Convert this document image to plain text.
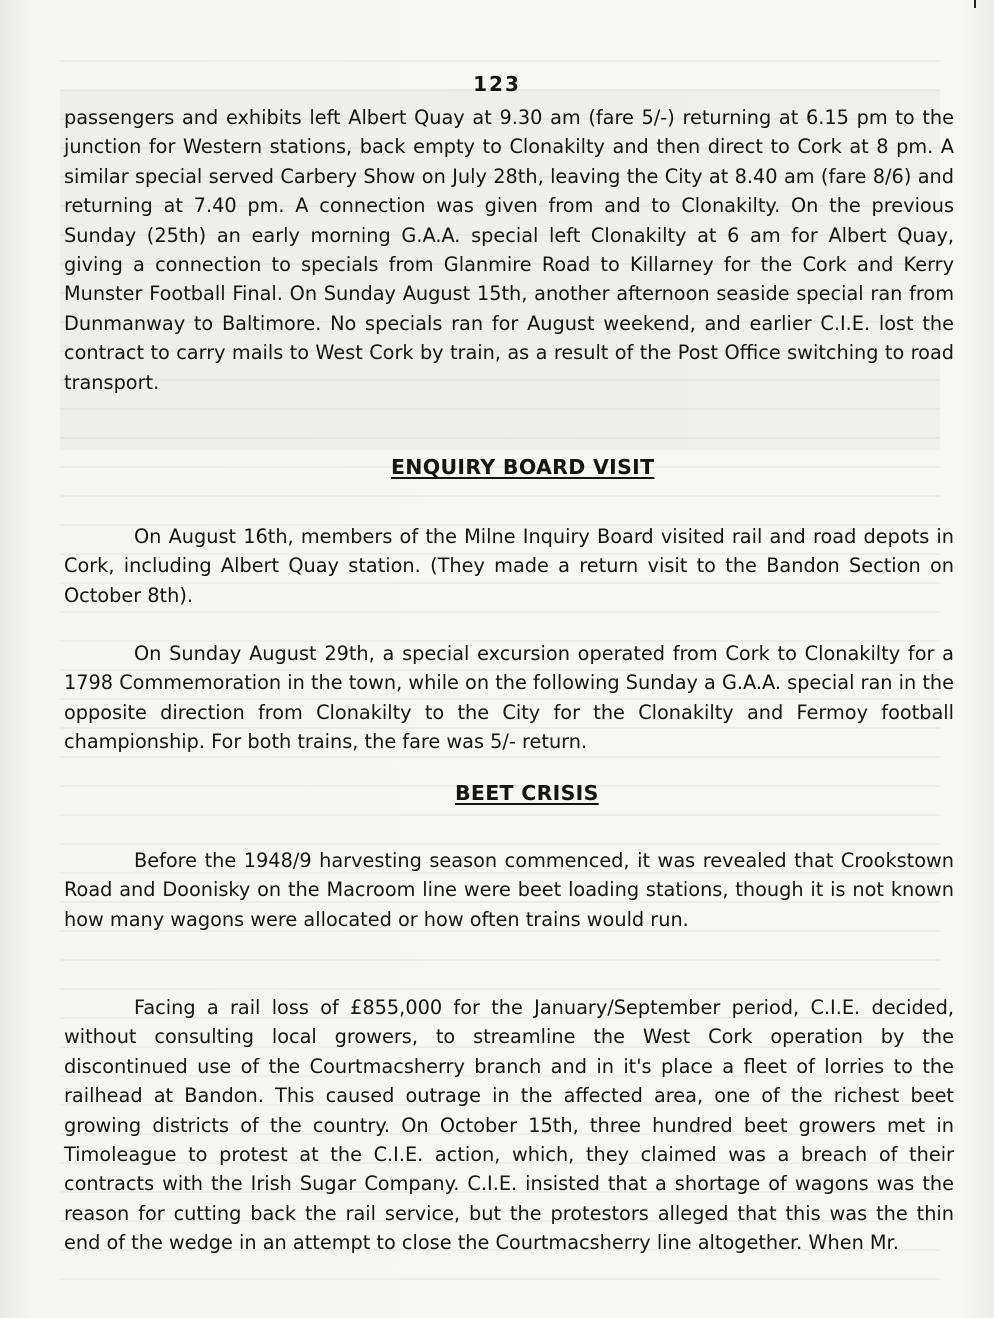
123

passengers and exhibits left Albert Quay at 9.30 am (fare 5/-) returning at 6.15 pm to the junction for Western stations, back empty to Clonakilty and then direct to Cork at 8 pm. A similar special served Carbery Show on July 28th, leaving the City at 8.40 am (fare 8/6) and returning at 7.40 pm. A connection was given from and to Clonakilty. On the previous Sunday (25th) an early morning G.A.A. special left Clonakilty at 6 am for Albert Quay, giving a connection to specials from Glanmire Road to Killarney for the Cork and Kerry Munster Football Final. On Sunday August 15th, another afternoon seaside special ran from Dunmanway to Baltimore. No specials ran for August weekend, and earlier C.I.E. lost the contract to carry mails to West Cork by train, as a result of the Post Office switching to road transport.

ENQUIRY BOARD VISIT

On August 16th, members of the Milne Inquiry Board visited rail and road depots in Cork, including Albert Quay station. (They made a return visit to the Bandon Section on October 8th).

On Sunday August 29th, a special excursion operated from Cork to Clonakilty for a 1798 Commemoration in the town, while on the following Sunday a G.A.A. special ran in the opposite direction from Clonakilty to the City for the Clonakilty and Fermoy football championship. For both trains, the fare was 5/- return.

BEET CRISIS

Before the 1948/9 harvesting season commenced, it was revealed that Crookstown Road and Doonisky on the Macroom line were beet loading stations, though it is not known how many wagons were allocated or how often trains would run.

Facing a rail loss of £855,000 for the January/September period, C.I.E. decided, without consulting local growers, to streamline the West Cork operation by the discontinued use of the Courtmacsherry branch and in it's place a fleet of lorries to the railhead at Bandon. This caused outrage in the affected area, one of the richest beet growing districts of the country. On October 15th, three hundred beet growers met in Timoleague to protest at the C.I.E. action, which, they claimed was a breach of their contracts with the Irish Sugar Company. C.I.E. insisted that a shortage of wagons was the reason for cutting back the rail service, but the protestors alleged that this was the thin end of the wedge in an attempt to close the Courtmacsherry line altogether. When Mr.
